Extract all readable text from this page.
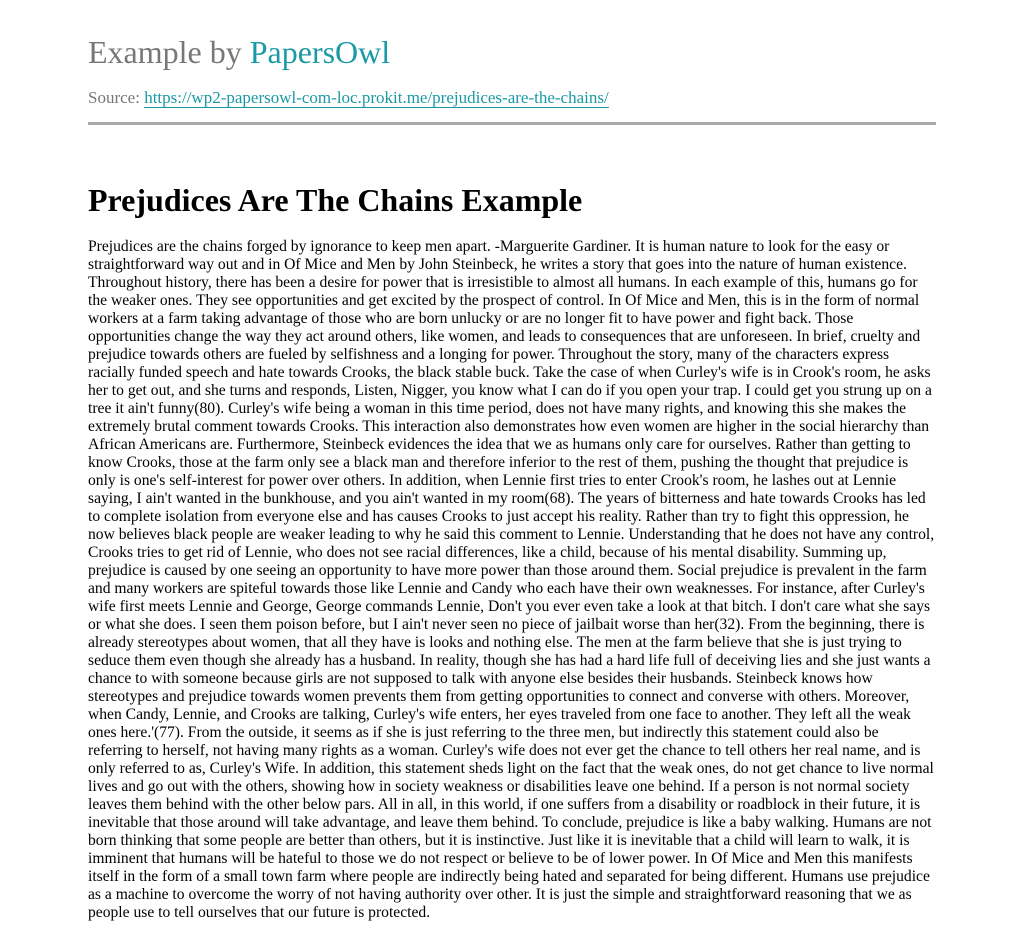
Example by PapersOwl
Source: https://wp2-papersowl-com-loc.prokit.me/prejudices-are-the-chains/
Prejudices Are The Chains Example

Prejudices are the chains forged by ignorance to keep men apart. -Marguerite Gardiner. It is human nature to look for the easy or straightforward way out and in Of Mice and Men by John Steinbeck, he writes a story that goes into the nature of human existence. Throughout history, there has been a desire for power that is irresistible to almost all humans. In each example of this, humans go for the weaker ones. They see opportunities and get excited by the prospect of control. In Of Mice and Men, this is in the form of normal workers at a farm taking advantage of those who are born unlucky or are no longer fit to have power and fight back. Those opportunities change the way they act around others, like women, and leads to consequences that are unforeseen. In brief, cruelty and prejudice towards others are fueled by selfishness and a longing for power. Throughout the story, many of the characters express racially funded speech and hate towards Crooks, the black stable buck. Take the case of when Curley's wife is in Crook's room, he asks her to get out, and she turns and responds, Listen, Nigger, you know what I can do if you open your trap. I could get you strung up on a tree it ain't funny(80). Curley's wife being a woman in this time period, does not have many rights, and knowing this she makes the extremely brutal comment towards Crooks. This interaction also demonstrates how even women are higher in the social hierarchy than African Americans are. Furthermore, Steinbeck evidences the idea that we as humans only care for ourselves. Rather than getting to know Crooks, those at the farm only see a black man and therefore inferior to the rest of them, pushing the thought that prejudice is only is one's self-interest for power over others. In addition, when Lennie first tries to enter Crook's room, he lashes out at Lennie saying, I ain't wanted in the bunkhouse, and you ain't wanted in my room(68). The years of bitterness and hate towards Crooks has led to complete isolation from everyone else and has causes Crooks to just accept his reality. Rather than try to fight this oppression, he now believes black people are weaker leading to why he said this comment to Lennie. Understanding that he does not have any control, Crooks tries to get rid of Lennie, who does not see racial differences, like a child, because of his mental disability. Summing up, prejudice is caused by one seeing an opportunity to have more power than those around them. Social prejudice is prevalent in the farm and many workers are spiteful towards those like Lennie and Candy who each have their own weaknesses. For instance, after Curley's wife first meets Lennie and George, George commands Lennie, Don't you ever even take a look at that bitch. I don't care what she says or what she does. I seen them poison before, but I ain't never seen no piece of jailbait worse than her(32). From the beginning, there is already stereotypes about women, that all they have is looks and nothing else. The men at the farm believe that she is just trying to seduce them even though she already has a husband. In reality, though she has had a hard life full of deceiving lies and she just wants a chance to with someone because girls are not supposed to talk with anyone else besides their husbands. Steinbeck knows how stereotypes and prejudice towards women prevents them from getting opportunities to connect and converse with others. Moreover, when Candy, Lennie, and Crooks are talking, Curley's wife enters, her eyes traveled from one face to another. They left all the weak ones here.'(77). From the outside, it seems as if she is just referring to the three men, but indirectly this statement could also be referring to herself, not having many rights as a woman. Curley's wife does not ever get the chance to tell others her real name, and is only referred to as, Curley's Wife. In addition, this statement sheds light on the fact that the weak ones, do not get chance to live normal lives and go out with the others, showing how in society weakness or disabilities leave one behind. If a person is not normal society leaves them behind with the other below pars. All in all, in this world, if one suffers from a disability or roadblock in their future, it is inevitable that those around will take advantage, and leave them behind. To conclude, prejudice is like a baby walking. Humans are not born thinking that some people are better than others, but it is instinctive. Just like it is inevitable that a child will learn to walk, it is imminent that humans will be hateful to those we do not respect or believe to be of lower power. In Of Mice and Men this manifests itself in the form of a small town farm where people are indirectly being hated and separated for being different. Humans use prejudice as a machine to overcome the worry of not having authority over other. It is just the simple and straightforward reasoning that we as people use to tell ourselves that our future is protected.
